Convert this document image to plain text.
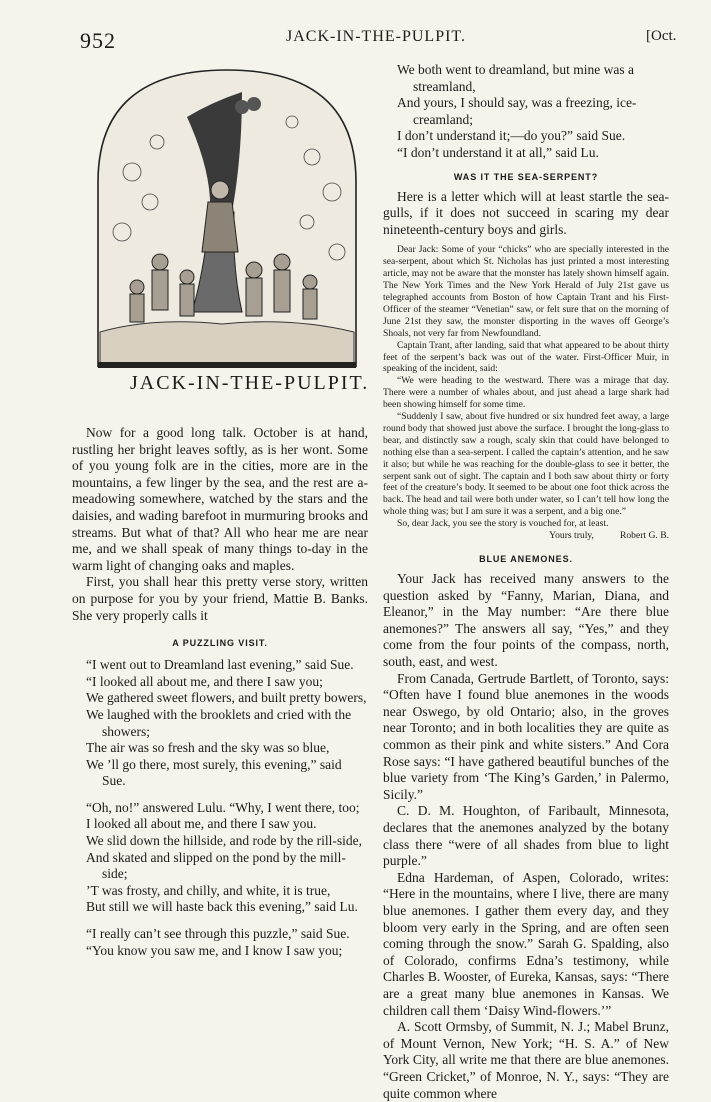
952	JACK-IN-THE-PULPIT.	[Oct.
JACK-IN-THE-PULPIT.

Now for a good long talk. October is at hand, rustling her bright leaves softly, as is her wont. Some of you young folk are in the cities, more are in the mountains, a few linger by the sea, and the rest are a-meadowing somewhere, watched by the stars and the daisies, and wading barefoot in murmuring brooks and streams. But what of that? All who hear me are near me, and we shall speak of many things to-day in the warm light of changing oaks and maples.

First, you shall hear this pretty verse story, written on purpose for you by your friend, Mattie B. Banks. She very properly calls it

A PUZZLING VISIT.
“I went out to Dreamland last evening,” said Sue.
“I looked all about me, and there I saw you;
We gathered sweet flowers, and built pretty bowers,
We laughed with the brooklets and cried with the showers;
The air was so fresh and the sky was so blue,
We ’ll go there, most surely, this evening,” said Sue.
“Oh, no!” answered Lulu. “Why, I went there, too;
I looked all about me, and there I saw you.
We slid down the hillside, and rode by the rill-side,
And skated and slipped on the pond by the mill-side;
’T was frosty, and chilly, and white, it is true,
But still we will haste back this evening,” said Lu.
“I really can’t see through this puzzle,” said Sue.
“You know you saw me, and I know I saw you;
We both went to dreamland, but mine was a streamland,
And yours, I should say, was a freezing, ice-creamland;
I don’t understand it;—do you?” said Sue.
“I don’t understand it at all,” said Lu.
WAS IT THE SEA-SERPENT?

Here is a letter which will at least startle the sea-gulls, if it does not succeed in scaring my dear nineteenth-century boys and girls.

Dear Jack: Some of your “chicks” who are specially interested in the sea-serpent, about which St. Nicholas has just printed a most interesting article, may not be aware that the monster has lately shown himself again. The New York Times and the New York Herald of July 21st gave us telegraphed accounts from Boston of how Captain Trant and his First-Officer of the steamer “Venetian” saw, or felt sure that on the morning of June 21st they saw, the monster disporting in the waves off George’s Shoals, not very far from Newfoundland.

Captain Trant, after landing, said that what appeared to be about thirty feet of the serpent’s back was out of the water. First-Officer Muir, in speaking of the incident, said:

“We were heading to the westward. There was a mirage that day. There were a number of whales about, and just ahead a large shark had been showing himself for some time.

“Suddenly I saw, about five hundred or six hundred feet away, a large round body that showed just above the surface. I brought the long-glass to bear, and distinctly saw a rough, scaly skin that could have belonged to nothing else than a sea-serpent. I called the captain’s attention, and he saw it also; but while he was reaching for the double-glass to see it better, the serpent sank out of sight. The captain and I both saw about thirty or forty feet of the creature’s body. It seemed to be about one foot thick across the back. The head and tail were both under water, so I can’t tell how long the whole thing was; but I am sure it was a serpent, and a big one.”

So, dear Jack, you see the story is vouched for, at least.

Yours truly,	Robert G. B.
BLUE ANEMONES.

Your Jack has received many answers to the question asked by “Fanny, Marian, Diana, and Eleanor,” in the May number: “Are there blue anemones?” The answers all say, “Yes,” and they come from the four points of the compass, north, south, east, and west.

From Canada, Gertrude Bartlett, of Toronto, says: “Often have I found blue anemones in the woods near Oswego, by old Ontario; also, in the groves near Toronto; and in both localities they are quite as common as their pink and white sisters.” And Cora Rose says: “I have gathered beautiful bunches of the blue variety from ‘The King’s Garden,’ in Palermo, Sicily.”

C. D. M. Houghton, of Faribault, Minnesota, declares that the anemones analyzed by the botany class there “were of all shades from blue to light purple.”

Edna Hardeman, of Aspen, Colorado, writes: “Here in the mountains, where I live, there are many blue anemones. I gather them every day, and they bloom very early in the Spring, and are often seen coming through the snow.” Sarah G. Spalding, also of Colorado, confirms Edna’s testimony, while Charles B. Wooster, of Eureka, Kansas, says: “There are a great many blue anemones in Kansas. We children call them ‘Daisy Wind-flowers.’”

A. Scott Ormsby, of Summit, N. J.; Mabel Brunz, of Mount Vernon, New York; “H. S. A.” of New York City, all write me that there are blue anemones. “Green Cricket,” of Monroe, N. Y., says: “They are quite common where
